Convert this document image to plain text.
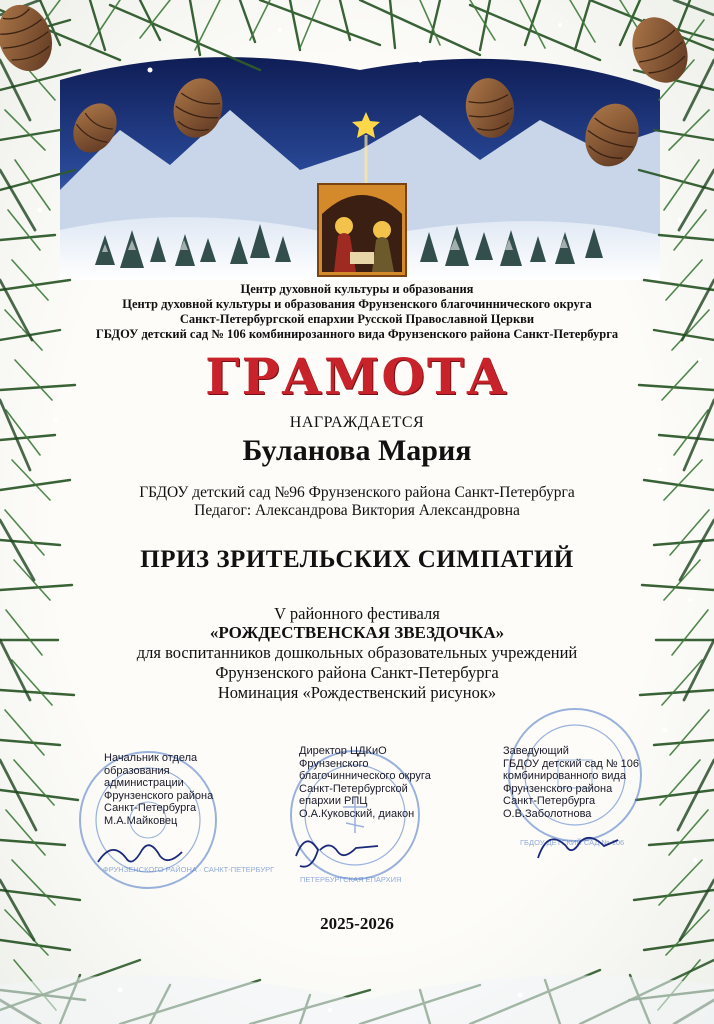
ФРУНЗЕНСКОГО РАЙОНА · САНКТ-ПЕТЕРБУРГ
ПЕТЕРБУРГСКАЯ ЕПАРХИЯ
ГБДОУ ДЕТСКИЙ САД № 106
Центр духовной культуры и образования
Центр духовной культуры и образования Фрунзенского благочиннического округа
Санкт-Петербургской епархии Русской Православной Церкви
ГБДОУ детский сад № 106 комбинирозанного вида Фрунзенского района Санкт-Петербурга
ГРАМОТА
НАГРАЖДАЕТСЯ
Буланова Мария
ГБДОУ детский сад №96 Фрунзенского района Санкт-Петербурга
Педагог: Александрова Виктория Александровна
ПРИЗ ЗРИТЕЛЬСКИХ СИМПАТИЙ
V районного фестиваля
«РОЖДЕСТВЕНСКАЯ ЗВЕЗДОЧКА»
для воспитанников дошкольных образовательных учреждений
Фрунзенского района Санкт-Петербурга
Номинация «Рождественский рисунок»
Начальник отдела
образования
администрации
Фрунзенского района
Санкт-Петербурга
М.А.Майковец
Директор ЦДКиО
Фрунзенского
благочиннического округа
Санкт-Петербургской
епархии РПЦ
О.А.Куковский, диакон
Заведующий
ГБДОУ детский сад № 106
комбинированного вида
Фрунзенского района
Санкт-Петербурга
О.В.Заболотнова
2025-2026
